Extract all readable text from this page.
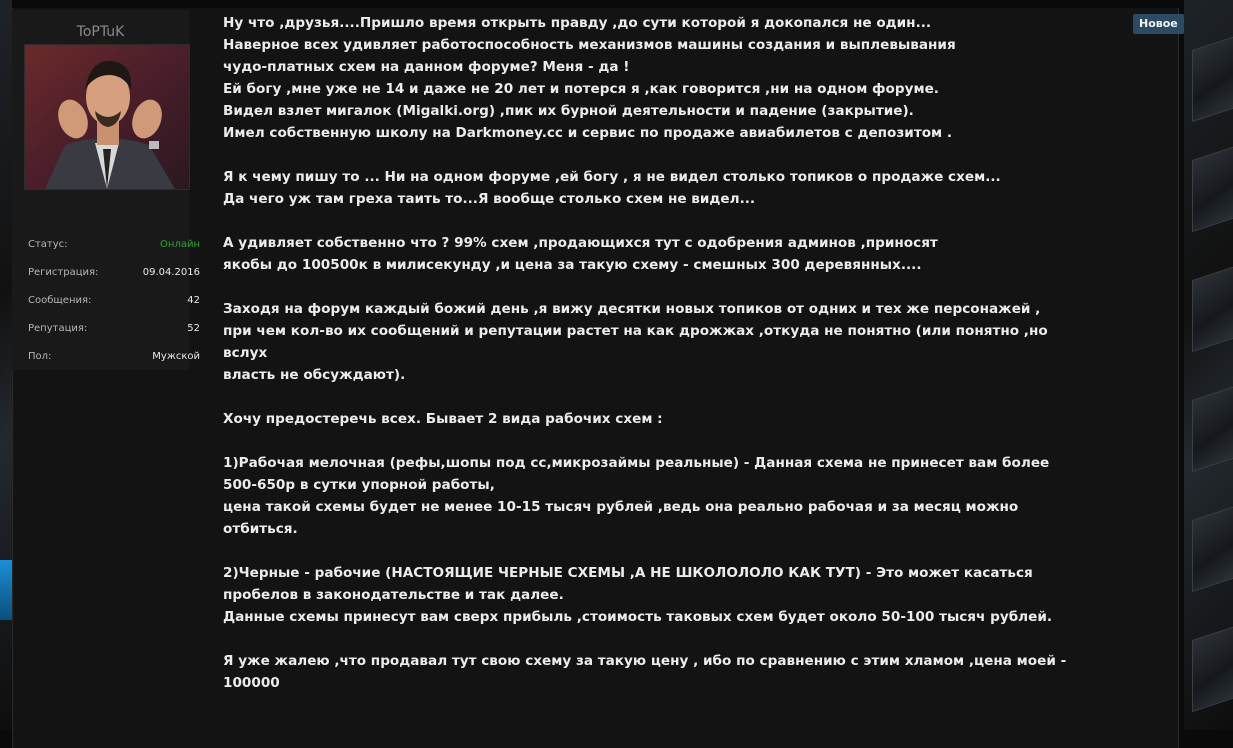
ToPTuK
Статус:	Онлайн
Регистрация:	09.04.2016
Сообщения:	42
Репутация:	52
Пол:	Мужской
Новое

Ну что ,друзья....Пришло время открыть правду ,до сути которой я докопался не один...

Наверное всех удивляет работоспособность механизмов машины создания и выплевывания

чудо-платных схем на данном форуме? Меня - да !

Ей богу ,мне уже не 14 и даже не 20 лет и потерся я ,как говорится ,ни на одном форуме.

Видел взлет мигалок (Migalki.org) ,пик их бурной деятельности и падение (закрытие).

Имел собственную школу на Darkmoney.cc и сервис по продаже авиабилетов с депозитом .

Я к чему пишу то ... Ни на одном форуме ,ей богу , я не видел столько топиков о продаже схем...

Да чего уж там греха таить то...Я вообще столько схем не видел...

А удивляет собственно что ? 99% схем ,продающихся тут с одобрения админов ,приносят

якобы до 100500к в милисекунду ,и цена за такую схему - смешных 300 деревянных....

Заходя на форум каждый божий день ,я вижу десятки новых топиков от одних и тех же персонажей ,

при чем кол-во их сообщений и репутации растет на как дрожжах ,откуда не понятно (или понятно ,но

вслух

власть не обсуждают).

Хочу предостеречь всех. Бывает 2 вида рабочих схем :

1)Рабочая мелочная (рефы,шопы под сс,микрозаймы реальные) - Данная схема не принесет вам более

500-650р в сутки упорной работы,

цена такой схемы будет не менее 10-15 тысяч рублей ,ведь она реально рабочая и за месяц можно

отбиться.

2)Черные - рабочие (НАСТОЯЩИЕ ЧЕРНЫЕ СХЕМЫ ,А НЕ ШКОЛОЛОЛО КАК ТУТ) - Это может касаться

пробелов в законодательстве и так далее.

Данные схемы принесут вам сверх прибыль ,стоимость таковых схем будет около 50-100 тысяч рублей.

Я уже жалею ,что продавал тут свою схему за такую цену , ибо по сравнению с этим хламом ,цена моей -

100000
